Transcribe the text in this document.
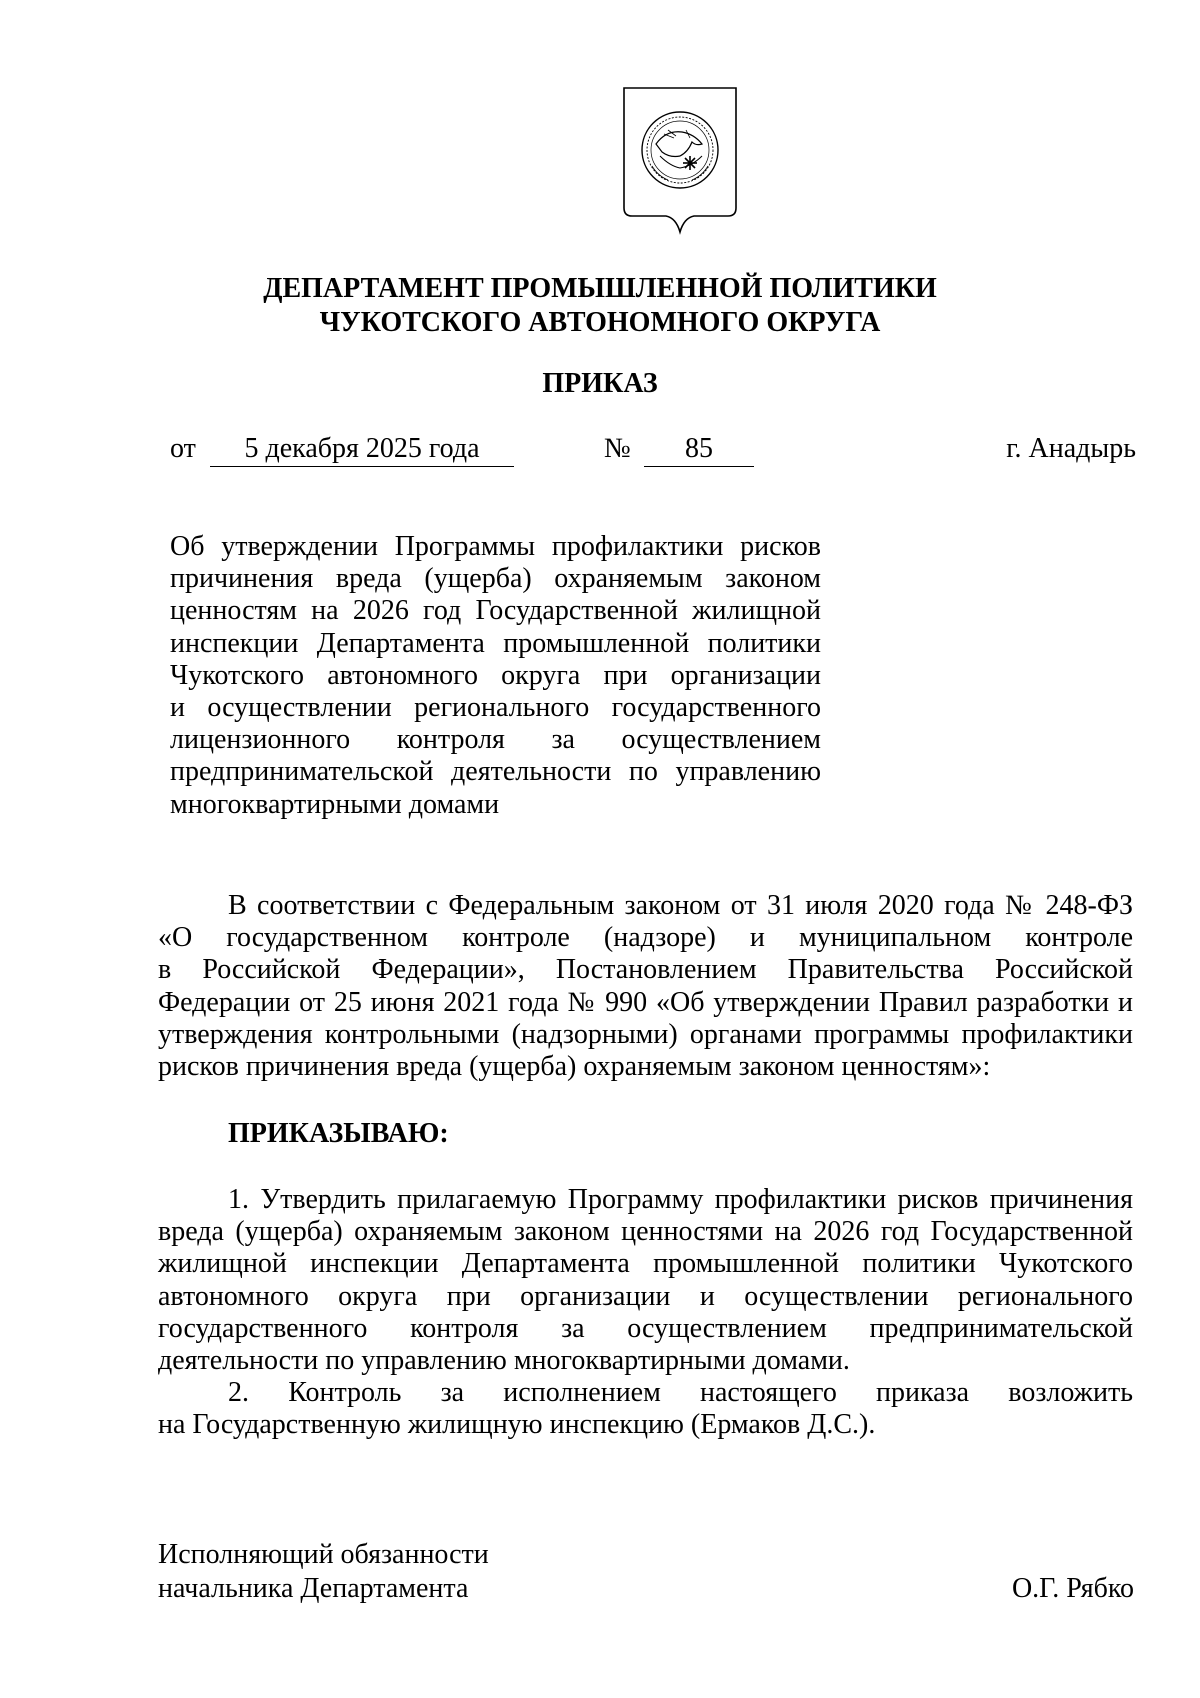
ДЕПАРТАМЕНТ ПРОМЫШЛЕННОЙ ПОЛИТИКИ
ЧУКОТСКОГО АВТОНОМНОГО ОКРУГА
ПРИКАЗ
от	5 декабря 2025 года	№	85	г. Анадырь
Об утверждении Программы профилактики рисков
причинения вреда (ущерба) охраняемым законом
ценностям на 2026 год Государственной жилищной
инспекции Департамента промышленной политики
Чукотского автономного округа при организации
и осуществлении регионального государственного
лицензионного контроля за осуществлением
предпринимательской деятельности по управлению
многоквартирными домами
В соответствии с Федеральным законом от 31 июля 2020 года № 248-ФЗ
«О государственном контроле (надзоре) и муниципальном контроле
в Российской Федерации», Постановлением Правительства Российской
Федерации от 25 июня 2021 года № 990 «Об утверждении Правил разработки и
утверждения контрольными (надзорными) органами программы профилактики
рисков причинения вреда (ущерба) охраняемым законом ценностям»:
ПРИКАЗЫВАЮ:
1. Утвердить прилагаемую Программу профилактики рисков причинения
вреда (ущерба) охраняемым законом ценностями на 2026 год Государственной
жилищной инспекции Департамента промышленной политики Чукотского
автономного округа при организации и осуществлении регионального
государственного контроля за осуществлением предпринимательской
деятельности по управлению многоквартирными домами.
2. Контроль за исполнением настоящего приказа возложить
на Государственную жилищную инспекцию (Ермаков Д.С.).
Исполняющий обязанности
начальника Департамента	О.Г. Рябко
